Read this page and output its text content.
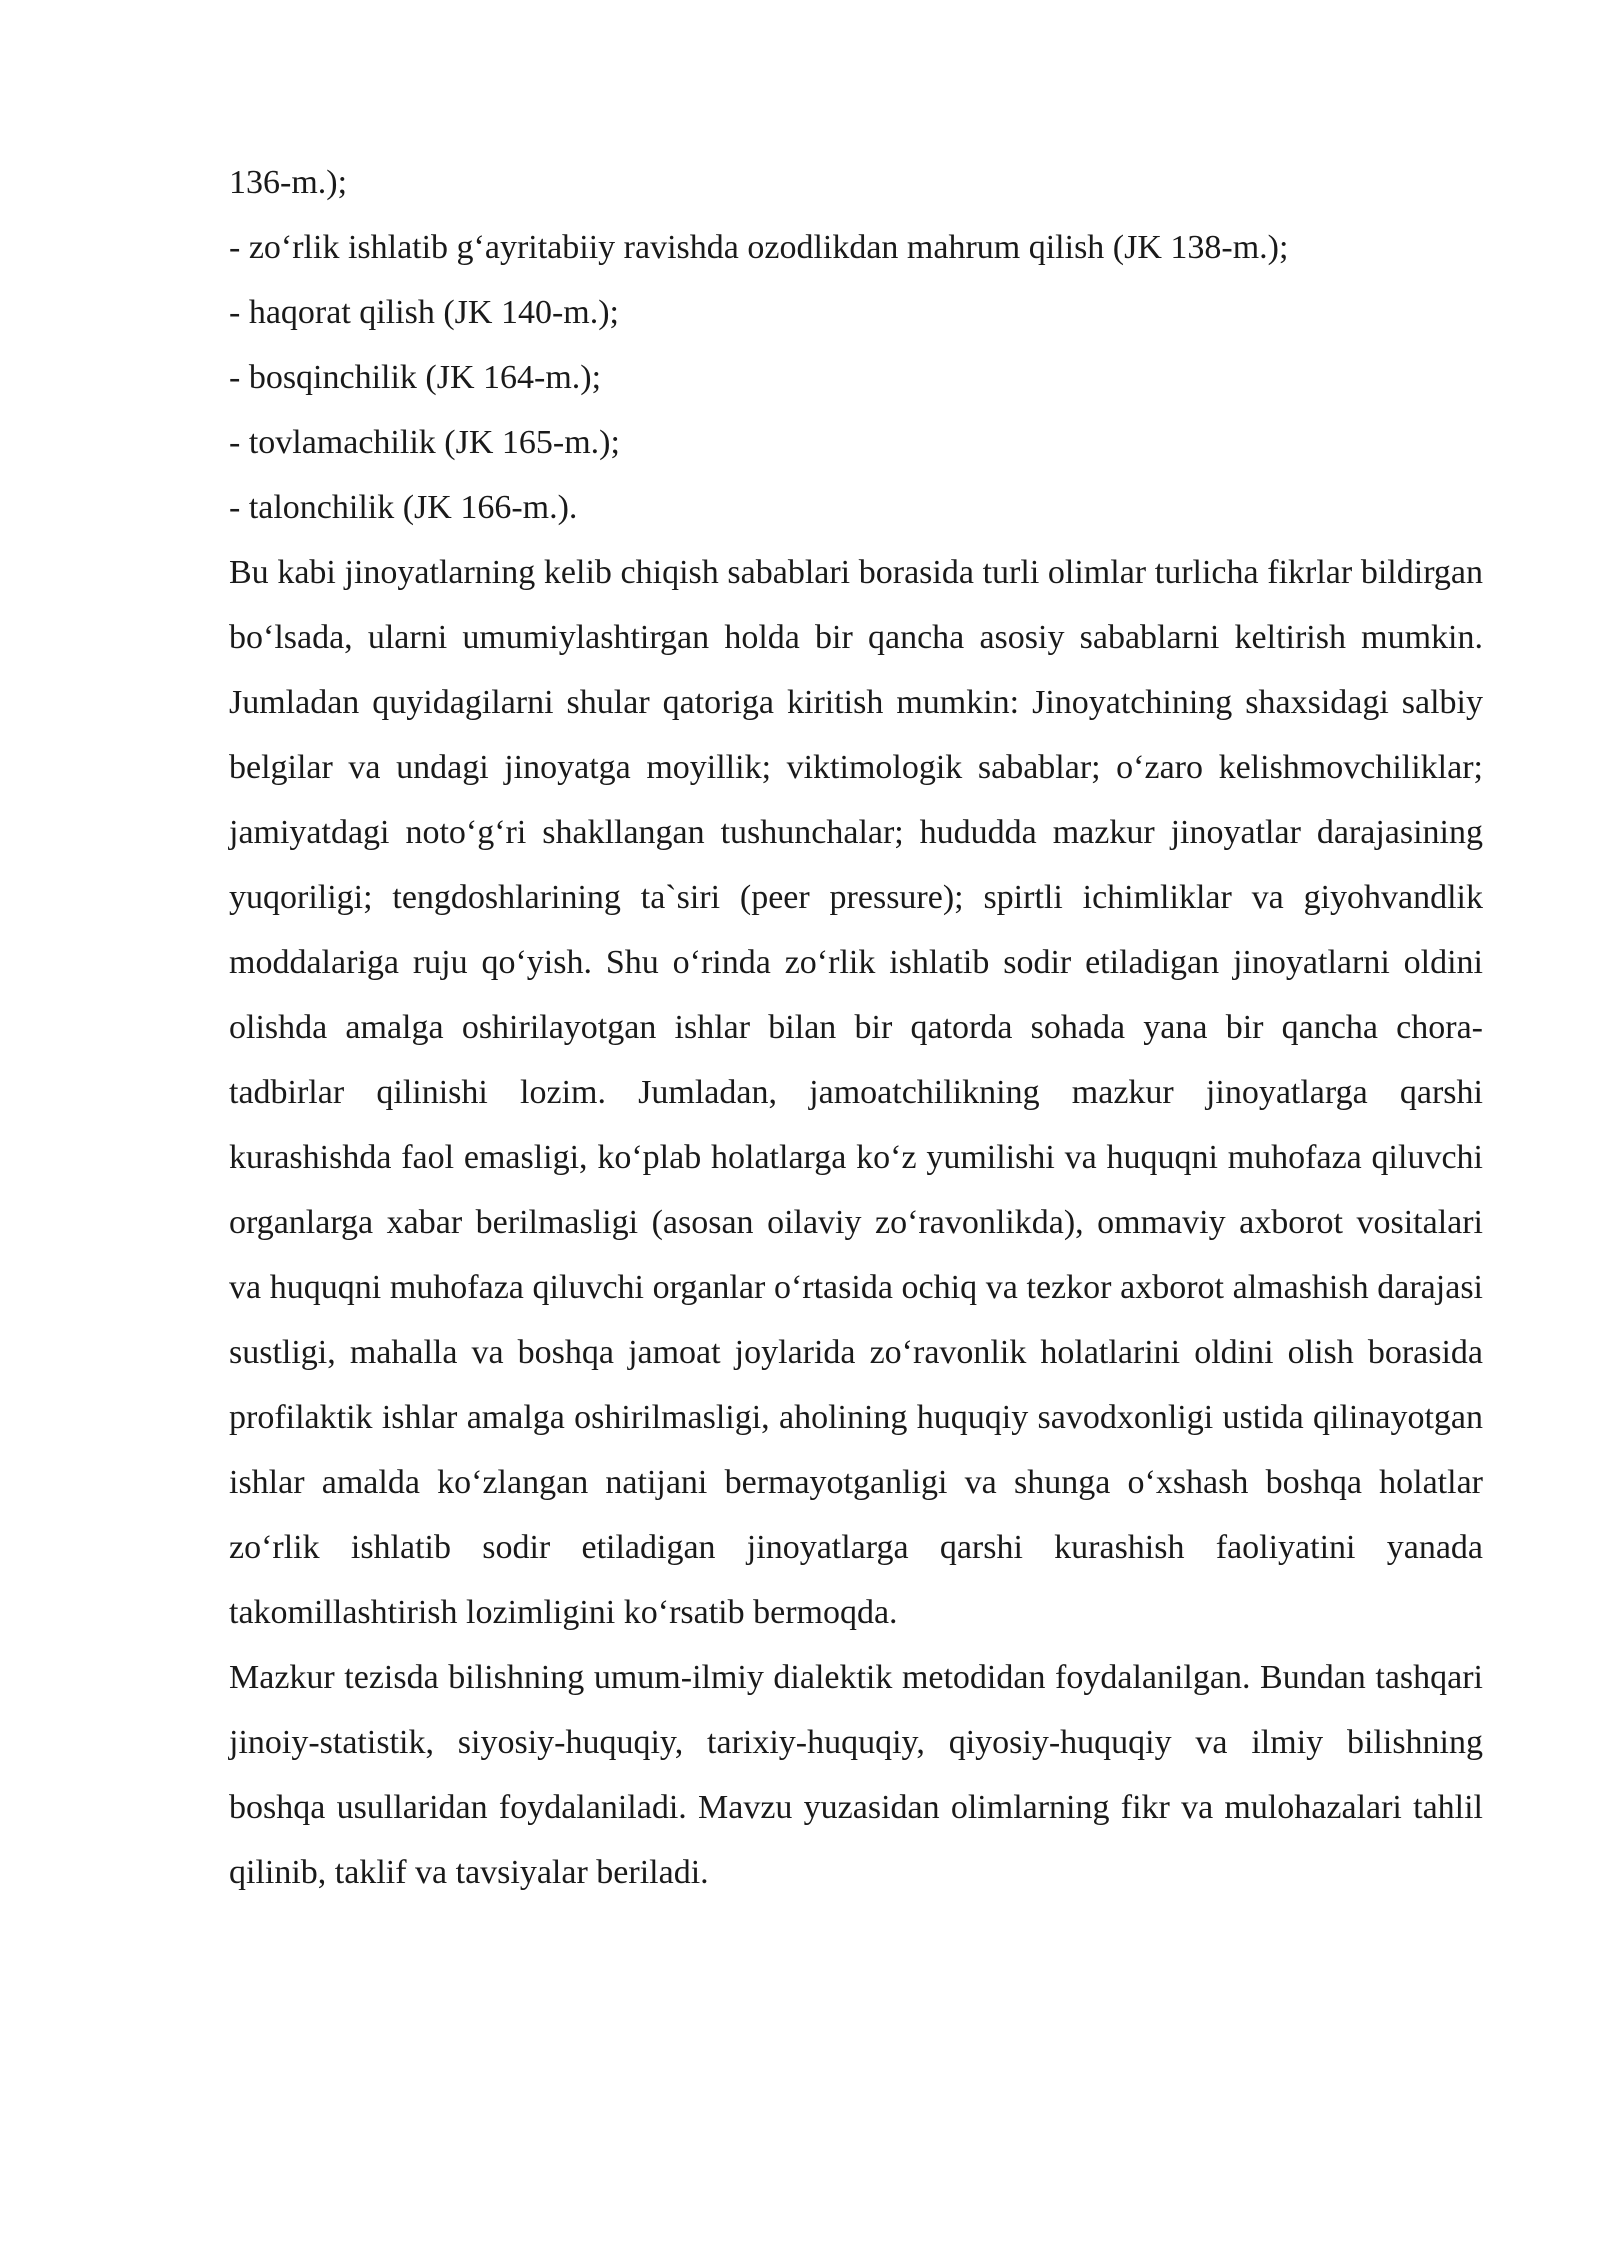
136-m.);

- zo‘rlik ishlatib g‘ayritabiiy ravishda ozodlikdan mahrum qilish (JK 138-m.);

- haqorat qilish (JK 140-m.);

- bosqinchilik (JK 164-m.);

- tovlamachilik (JK 165-m.);

- talonchilik (JK 166-m.).

Bu kabi jinoyatlarning kelib chiqish sabablari borasida turli olimlar turlicha fikrlar bildirgan bo‘lsada, ularni umumiylashtirgan holda bir qancha asosiy sabablarni keltirish mumkin. Jumladan quyidagilarni shular qatoriga kiritish mumkin: Jinoyatchining shaxsidagi salbiy belgilar va undagi jinoyatga moyillik; viktimologik sabablar; o‘zaro kelishmovchiliklar; jamiyatdagi noto‘g‘ri shakllangan tushunchalar; hududda mazkur jinoyatlar darajasining yuqoriligi; tengdoshlarining ta`siri (peer pressure); spirtli ichimliklar va giyohvandlik moddalariga ruju qo‘yish. Shu o‘rinda zo‘rlik ishlatib sodir etiladigan jinoyatlarni oldini olishda amalga oshirilayotgan ishlar bilan bir qatorda sohada yana bir qancha chora-tadbirlar qilinishi lozim. Jumladan, jamoatchilikning mazkur jinoyatlarga qarshi kurashishda faol emasligi, ko‘plab holatlarga ko‘z yumilishi va huquqni muhofaza qiluvchi organlarga xabar berilmasligi (asosan oilaviy zo‘ravonlikda), ommaviy axborot vositalari va huquqni muhofaza qiluvchi organlar o‘rtasida ochiq va tezkor axborot almashish darajasi sustligi, mahalla va boshqa jamoat joylarida zo‘ravonlik holatlarini oldini olish borasida profilaktik ishlar amalga oshirilmasligi, aholining huquqiy savodxonligi ustida qilinayotgan ishlar amalda ko‘zlangan natijani bermayotganligi va shunga o‘xshash boshqa holatlar zo‘rlik ishlatib sodir etiladigan jinoyatlarga qarshi kurashish faoliyatini yanada takomillashtirish lozimligini ko‘rsatib bermoqda.

Mazkur tezisda bilishning umum-ilmiy dialektik metodidan foydalanilgan. Bundan tashqari jinoiy-statistik, siyosiy-huquqiy, tarixiy-huquqiy, qiyosiy-huquqiy va ilmiy bilishning boshqa usullaridan foydalaniladi. Mavzu yuzasidan olimlarning fikr va mulohazalari tahlil qilinib, taklif va tavsiyalar beriladi.
